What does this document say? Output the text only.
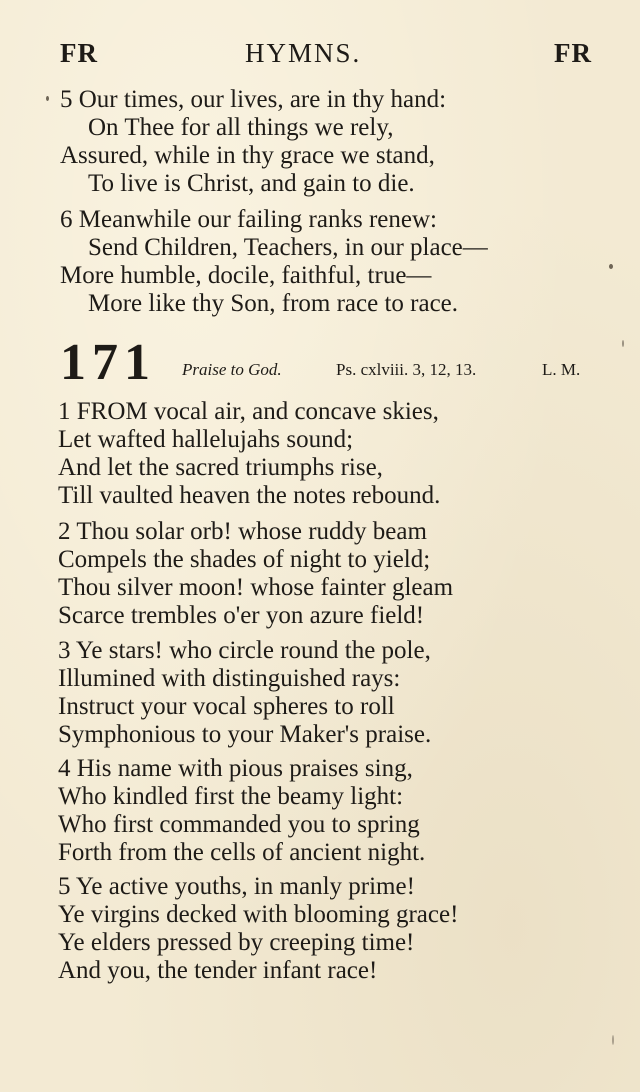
FR	HYMNS.	FR
5 Our times, our lives, are in thy hand:
On Thee for all things we rely,
Assured, while in thy grace we stand,
To live is Christ, and gain to die.
6 Meanwhile our failing ranks renew:
Send Children, Teachers, in our place—
More humble, docile, faithful, true—
More like thy Son, from race to race.
171 Praise to God.	Ps. cxlviii. 3, 12, 13.	L. M.
1 FROM vocal air, and concave skies,
Let wafted hallelujahs sound;
And let the sacred triumphs rise,
Till vaulted heaven the notes rebound.
2 Thou solar orb! whose ruddy beam
Compels the shades of night to yield;
Thou silver moon! whose fainter gleam
Scarce trembles o'er yon azure field!
3 Ye stars! who circle round the pole,
Illumined with distinguished rays:
Instruct your vocal spheres to roll
Symphonious to your Maker's praise.
4 His name with pious praises sing,
Who kindled first the beamy light:
Who first commanded you to spring
Forth from the cells of ancient night.
5 Ye active youths, in manly prime!
Ye virgins decked with blooming grace!
Ye elders pressed by creeping time!
And you, the tender infant race!
